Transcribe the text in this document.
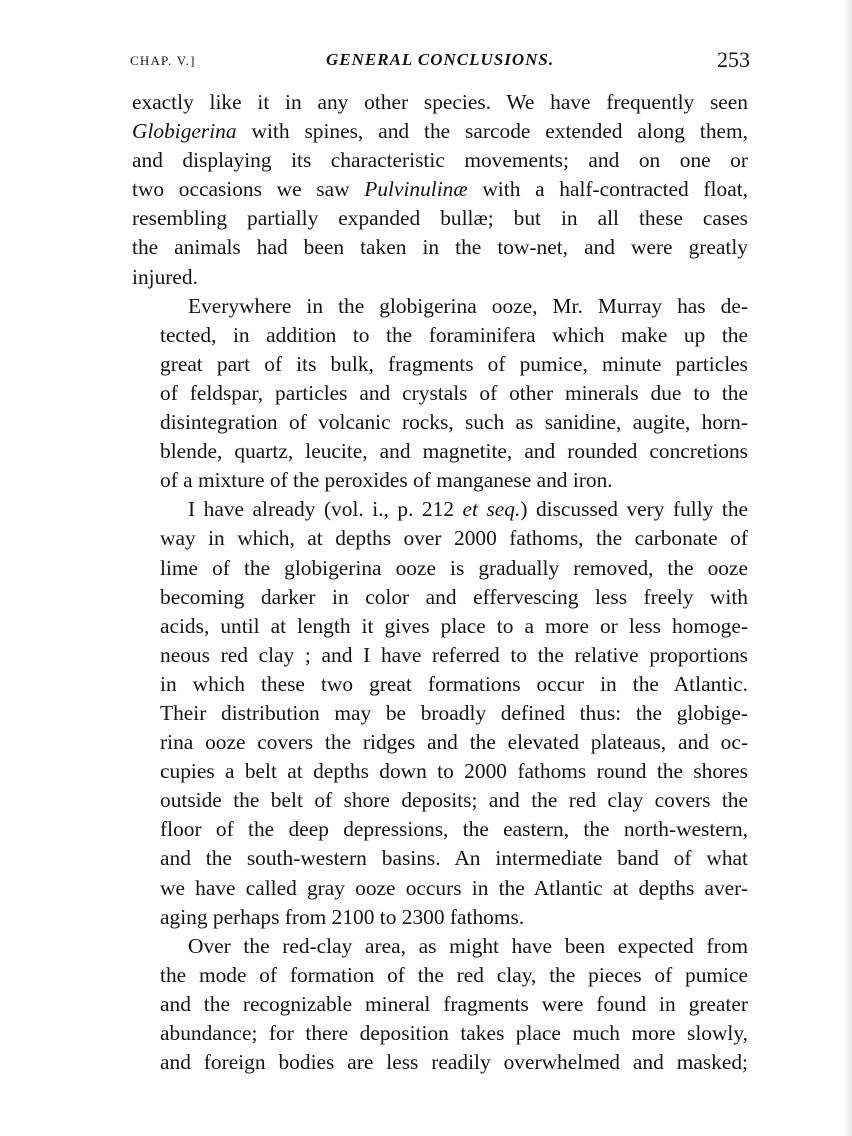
CHAP. V.]	GENERAL CONCLUSIONS.	253
exactly like it in any other species. We have frequently seen
Globigerina with spines, and the sarcode extended along them,
and displaying its characteristic movements; and on one or
two occasions we saw Pulvinulinæ with a half-contracted float,
resembling partially expanded bullæ; but in all these cases
the animals had been taken in the tow-net, and were greatly
injured.
Everywhere in the globigerina ooze, Mr. Murray has de-
tected, in addition to the foraminifera which make up the
great part of its bulk, fragments of pumice, minute particles
of feldspar, particles and crystals of other minerals due to the
disintegration of volcanic rocks, such as sanidine, augite, horn-
blende, quartz, leucite, and magnetite, and rounded concretions
of a mixture of the peroxides of manganese and iron.
I have already (vol. i., p. 212 et seq.) discussed very fully the
way in which, at depths over 2000 fathoms, the carbonate of
lime of the globigerina ooze is gradually removed, the ooze
becoming darker in color and effervescing less freely with
acids, until at length it gives place to a more or less homoge-
neous red clay ; and I have referred to the relative proportions
in which these two great formations occur in the Atlantic.
Their distribution may be broadly defined thus: the globige-
rina ooze covers the ridges and the elevated plateaus, and oc-
cupies a belt at depths down to 2000 fathoms round the shores
outside the belt of shore deposits; and the red clay covers the
floor of the deep depressions, the eastern, the north-western,
and the south-western basins. An intermediate band of what
we have called gray ooze occurs in the Atlantic at depths aver-
aging perhaps from 2100 to 2300 fathoms.
Over the red-clay area, as might have been expected from
the mode of formation of the red clay, the pieces of pumice
and the recognizable mineral fragments were found in greater
abundance; for there deposition takes place much more slowly,
and foreign bodies are less readily overwhelmed and masked;
